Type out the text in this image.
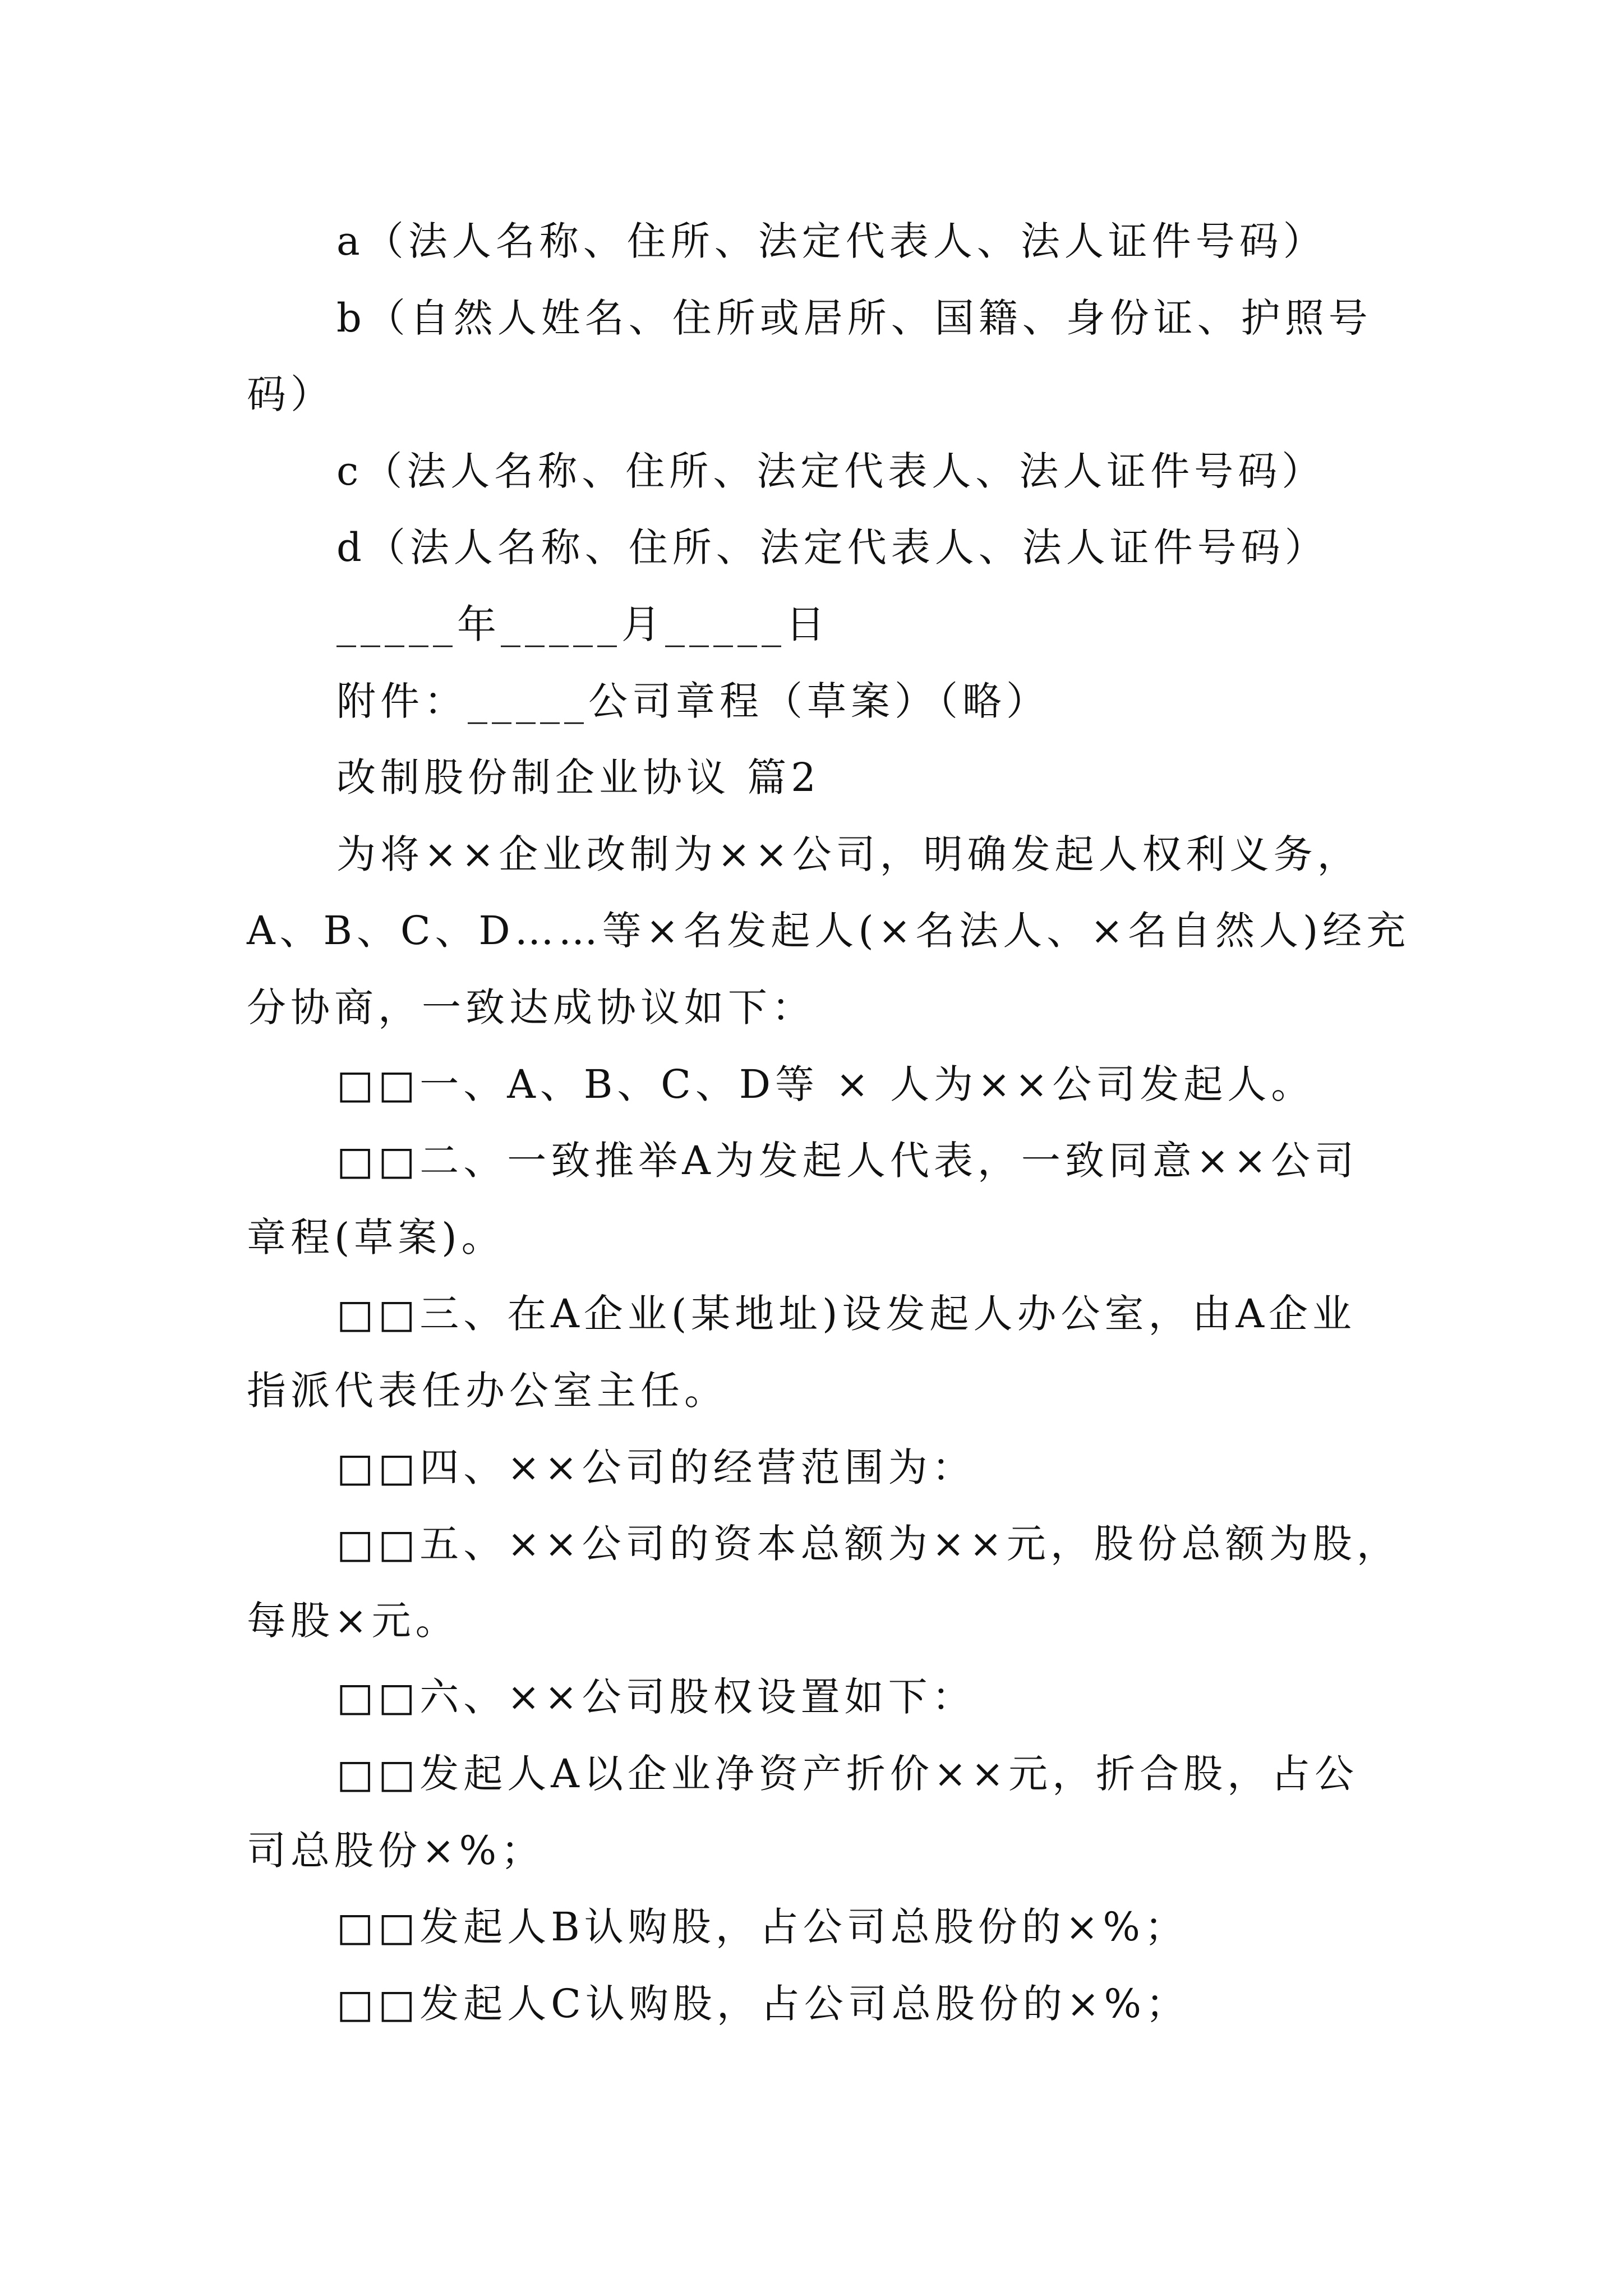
a（法人名称、住所、法定代表人、法人证件号码）
b（自然人姓名、住所或居所、国籍、身份证、护照号
码）
c（法人名称、住所、法定代表人、法人证件号码）
d（法人名称、住所、法定代表人、法人证件号码）
_____年_____月_____日
附件：_____公司章程（草案）（略）
改制股份制企业协议 篇2
为将××企业改制为××公司，明确发起人权利义务，
A、B、C、D……等×名发起人(×名法人、×名自然人)经充
分协商，一致达成协议如下：
□□一、A、B、C、D等 × 人为××公司发起人。
□□二、一致推举A为发起人代表，一致同意××公司
章程(草案)。
□□三、在A企业(某地址)设发起人办公室，由A企业
指派代表任办公室主任。
□□四、××公司的经营范围为：
□□五、××公司的资本总额为××元，股份总额为股，
每股×元。
□□六、××公司股权设置如下：
□□发起人A以企业净资产折价××元，折合股，占公
司总股份×%；
□□发起人B认购股，占公司总股份的×%；
□□发起人C认购股，占公司总股份的×%；
